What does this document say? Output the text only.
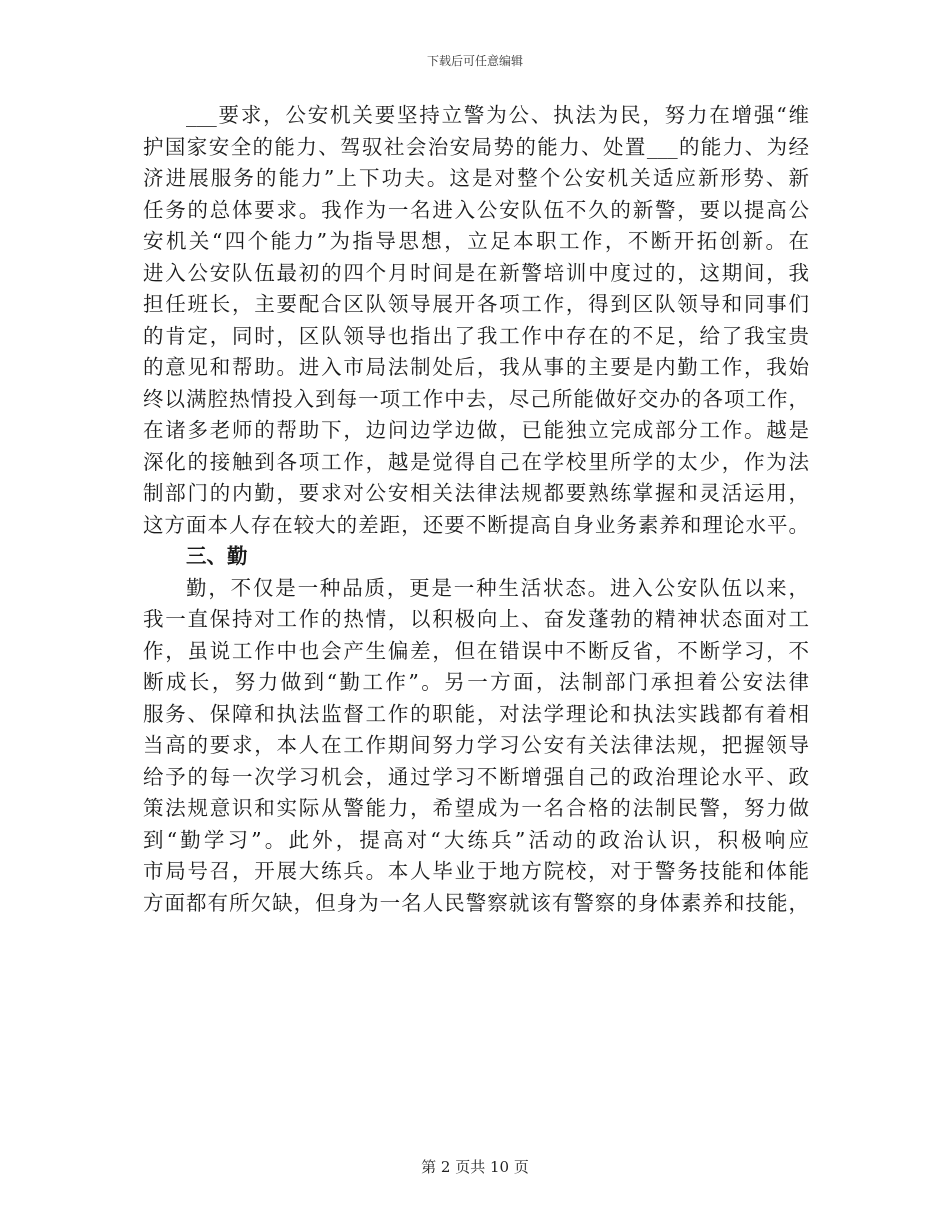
下载后可任意编辑
___要求，公安机关要坚持立警为公、执法为民，努力在增强“维
护国家安全的能力、驾驭社会治安局势的能力、处置___的能力、为经
济进展服务的能力”上下功夫。这是对整个公安机关适应新形势、新
任务的总体要求。我作为一名进入公安队伍不久的新警，要以提高公
安机关“四个能力”为指导思想，立足本职工作，不断开拓创新。在
进入公安队伍最初的四个月时间是在新警培训中度过的，这期间，我
担任班长，主要配合区队领导展开各项工作，得到区队领导和同事们
的肯定，同时，区队领导也指出了我工作中存在的不足，给了我宝贵
的意见和帮助。进入市局法制处后，我从事的主要是内勤工作，我始
终以满腔热情投入到每一项工作中去，尽己所能做好交办的各项工作，
在诸多老师的帮助下，边问边学边做，已能独立完成部分工作。越是
深化的接触到各项工作，越是觉得自己在学校里所学的太少，作为法
制部门的内勤，要求对公安相关法律法规都要熟练掌握和灵活运用，
这方面本人存在较大的差距，还要不断提高自身业务素养和理论水平。
三、勤
勤，不仅是一种品质，更是一种生活状态。进入公安队伍以来，
我一直保持对工作的热情，以积极向上、奋发蓬勃的精神状态面对工
作，虽说工作中也会产生偏差，但在错误中不断反省，不断学习，不
断成长，努力做到“勤工作”。另一方面，法制部门承担着公安法律
服务、保障和执法监督工作的职能，对法学理论和执法实践都有着相
当高的要求，本人在工作期间努力学习公安有关法律法规，把握领导
给予的每一次学习机会，通过学习不断增强自己的政治理论水平、政
策法规意识和实际从警能力，希望成为一名合格的法制民警，努力做
到“勤学习”。此外，提高对“大练兵”活动的政治认识，积极响应
市局号召，开展大练兵。本人毕业于地方院校，对于警务技能和体能
方面都有所欠缺，但身为一名人民警察就该有警察的身体素养和技能，
第 2 页共 10 页
